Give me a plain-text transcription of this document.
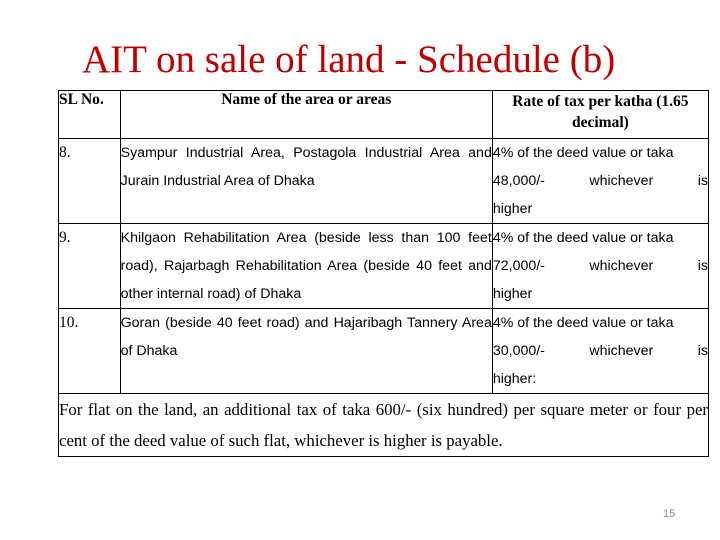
AIT on sale of land - Schedule (b)
SL No.	Name of the area or areas	Rate of tax per katha (1.65
decimal)

8.	Syampur Industrial Area, Postagola Industrial Area and Jurain Industrial Area of Dhaka	4% of the deed value or taka
48,000/- whichever is
higher

9.	Khilgaon Rehabilitation Area (beside less than 100 feet road), Rajarbagh Rehabilitation Area (beside 40 feet and other internal road) of Dhaka	4% of the deed value or taka
72,000/- whichever is
higher

10.	Goran (beside 40 feet road) and Hajaribagh Tannery Area of Dhaka	4% of the deed value or taka
30,000/- whichever is
higher:

For flat on the land, an additional tax of taka 600/- (six hundred) per square meter or four per cent of the deed value of such flat, whichever is higher is payable.		
15
